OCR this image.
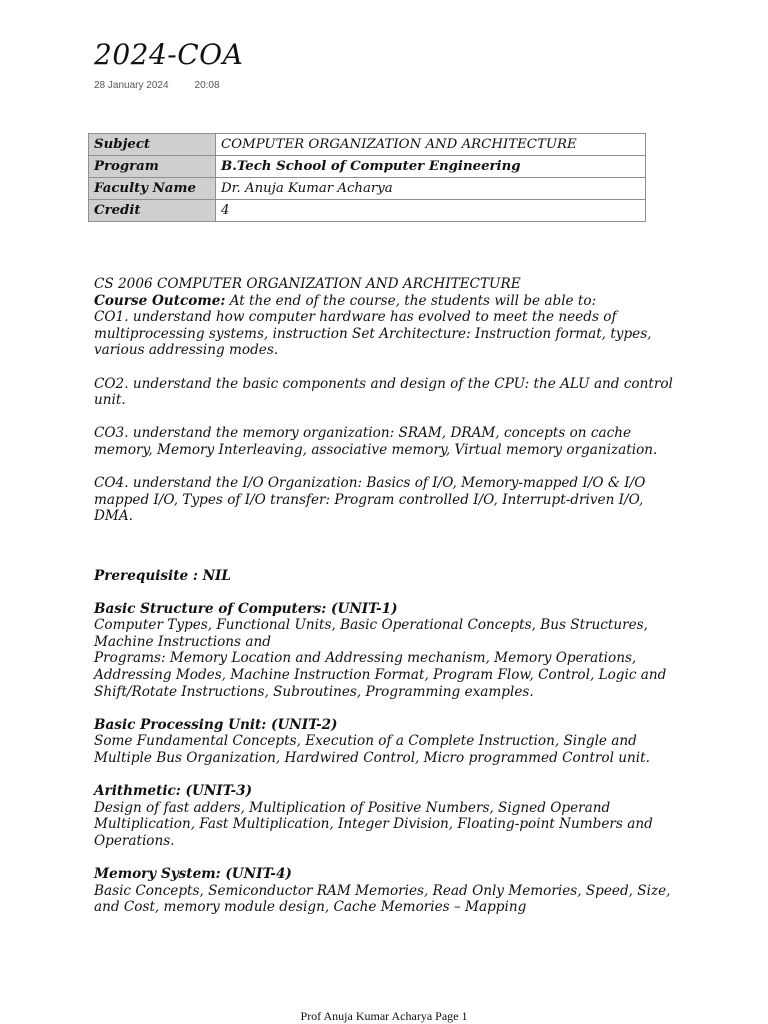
2024-COA
28 January 2024	20:08
Subject	COMPUTER ORGANIZATION AND ARCHITECTURE
Program	B.Tech School of Computer Engineering
Faculty Name	Dr. Anuja Kumar Acharya
Credit	4

CS 2006 COMPUTER ORGANIZATION AND ARCHITECTURE

Course Outcome: At the end of the course, the students will be able to:

CO1. understand how computer hardware has evolved to meet the needs of multiprocessing systems, instruction Set Architecture: Instruction format, types, various addressing modes.

CO2. understand the basic components and design of the CPU: the ALU and control unit.

CO3. understand the memory organization: SRAM, DRAM, concepts on cache memory, Memory Interleaving, associative memory, Virtual memory organization.

CO4. understand the I/O Organization: Basics of I/O, Memory-mapped I/O & I/O mapped I/O, Types of I/O transfer: Program controlled I/O, Interrupt-driven I/O, DMA.

Prerequisite : NIL

Basic Structure of Computers: (UNIT-1)

Computer Types, Functional Units, Basic Operational Concepts, Bus Structures, Machine Instructions and

Programs: Memory Location and Addressing mechanism, Memory Operations, Addressing Modes, Machine Instruction Format, Program Flow, Control, Logic and Shift/Rotate Instructions, Subroutines, Programming examples.

Basic Processing Unit: (UNIT-2)

Some Fundamental Concepts, Execution of a Complete Instruction, Single and Multiple Bus Organization, Hardwired Control, Micro programmed Control unit.

Arithmetic: (UNIT-3)

Design of fast adders, Multiplication of Positive Numbers, Signed Operand Multiplication, Fast Multiplication, Integer Division, Floating-point Numbers and Operations.

Memory System: (UNIT-4)

Basic Concepts, Semiconductor RAM Memories, Read Only Memories, Speed, Size, and Cost, memory module design, Cache Memories – Mapping

Prof Anuja Kumar Acharya Page 1
